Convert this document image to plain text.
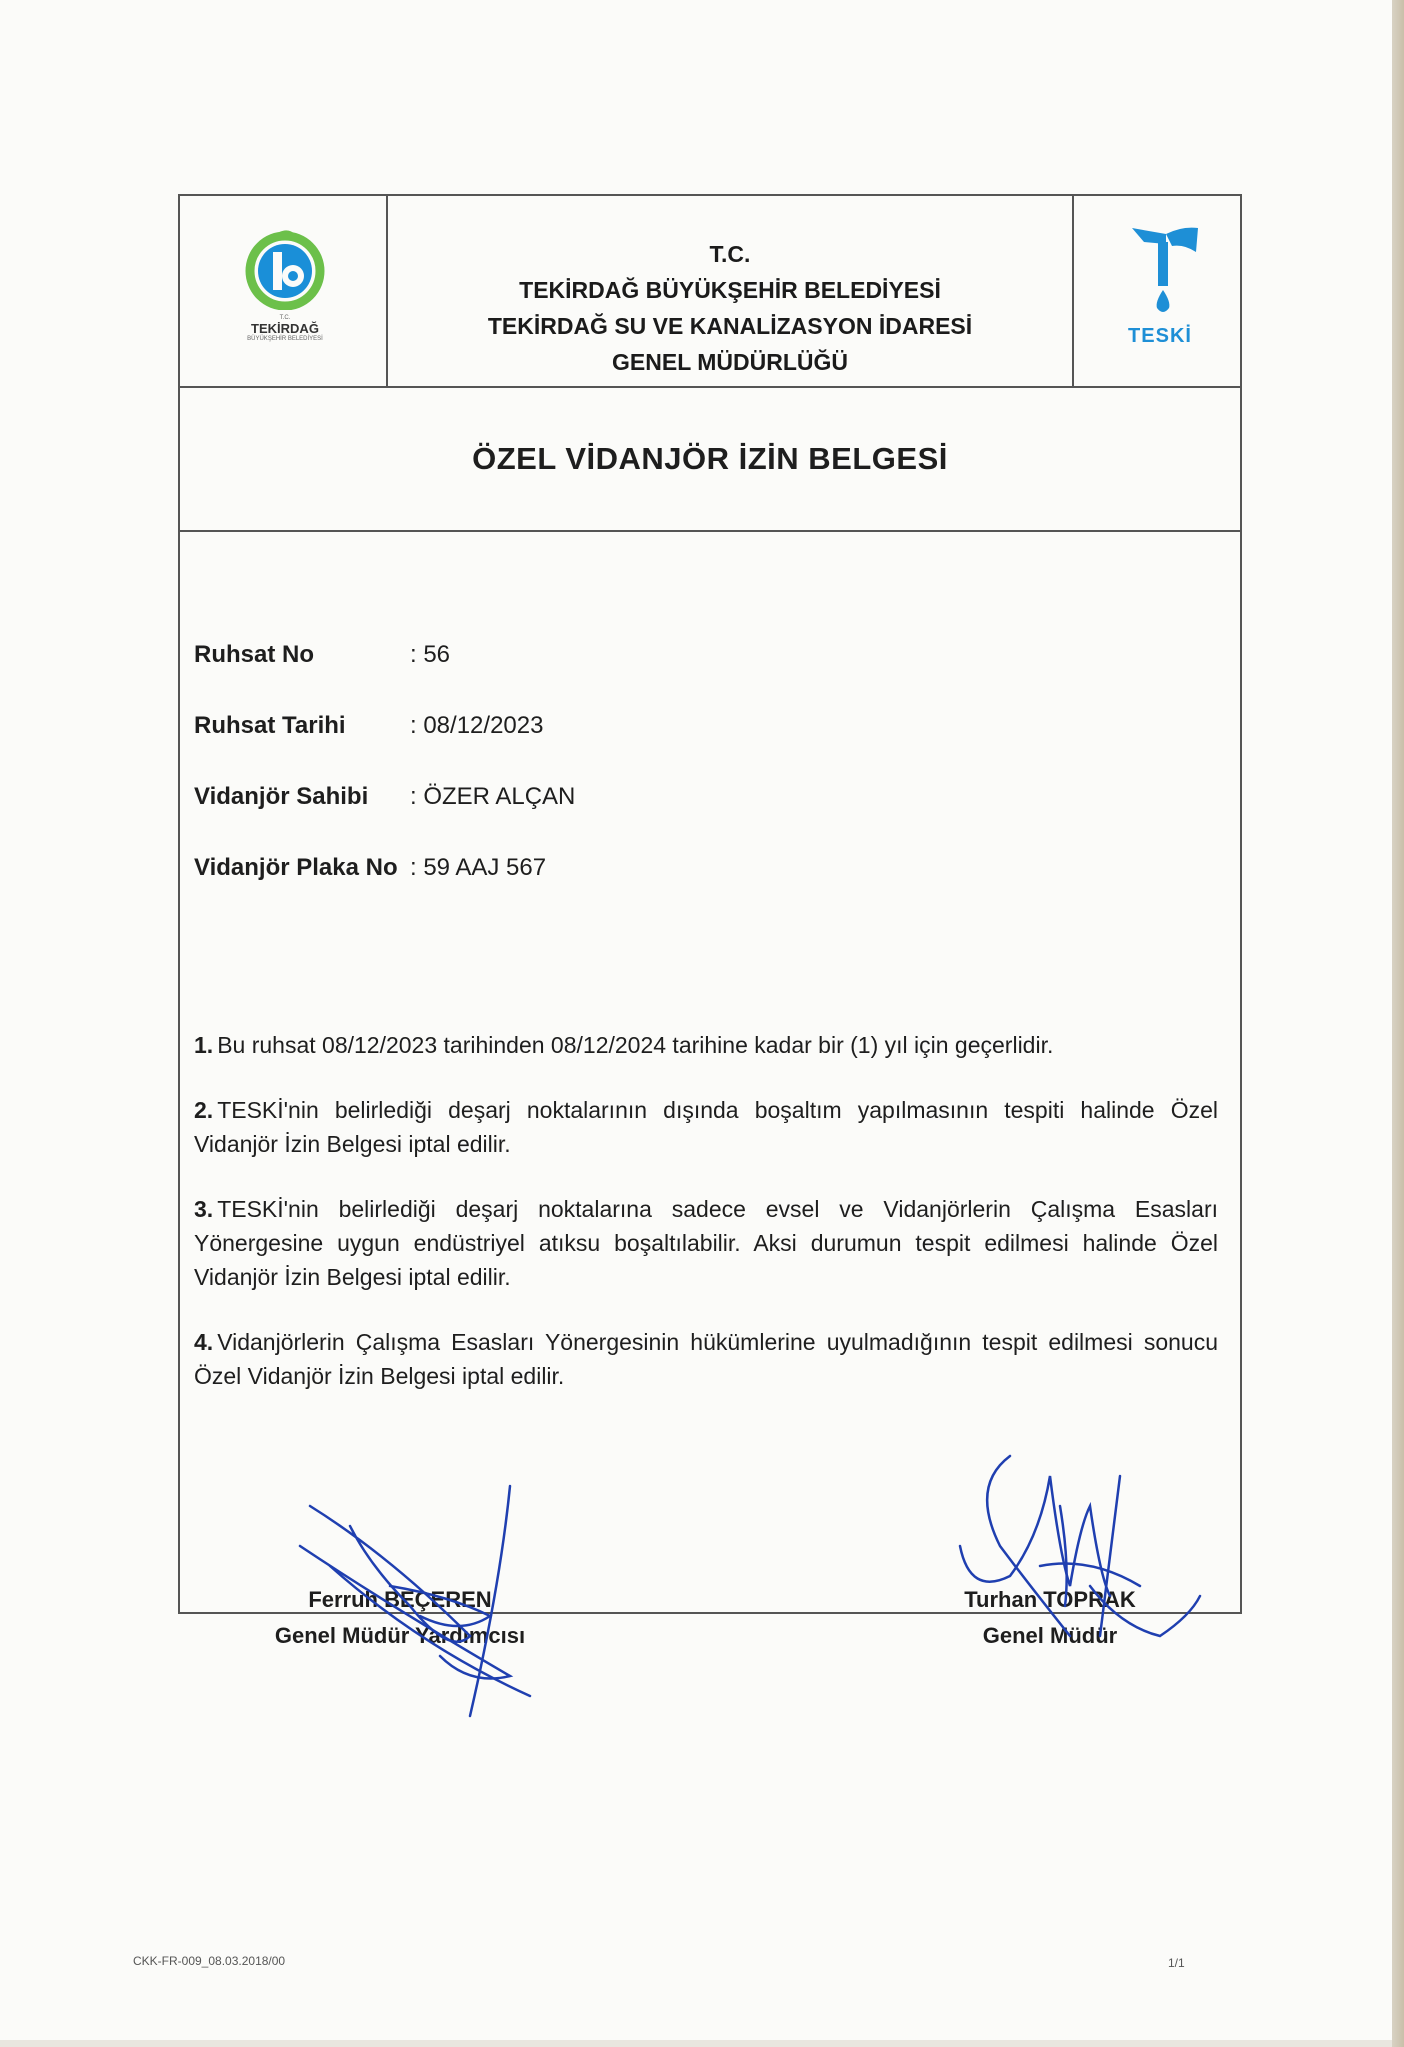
T.C.
TEKİRDAĞ
BÜYÜKŞEHİR BELEDİYESİ
T.C.
TEKİRDAĞ BÜYÜKŞEHİR BELEDİYESİ
TEKİRDAĞ SU VE KANALİZASYON İDARESİ
GENEL MÜDÜRLÜĞÜ
TESKİ
ÖZEL VİDANJÖR İZİN BELGESİ
Ruhsat No	: 56
Ruhsat Tarihi	: 08/12/2023
Vidanjör Sahibi	: ÖZER ALÇAN
Vidanjör Plaka No : 59 AAJ 567
1. Bu ruhsat 08/12/2023 tarihinden 08/12/2024 tarihine kadar bir (1) yıl için geçerlidir.
2. TESKİ'nin belirlediği deşarj noktalarının dışında boşaltım yapılmasının tespiti halinde Özel Vidanjör İzin Belgesi iptal edilir.
3. TESKİ'nin belirlediği deşarj noktalarına sadece evsel ve Vidanjörlerin Çalışma Esasları Yönergesine uygun endüstriyel atıksu boşaltılabilir. Aksi durumun tespit edilmesi halinde Özel Vidanjör İzin Belgesi iptal edilir.
4. Vidanjörlerin Çalışma Esasları Yönergesinin hükümlerine uyulmadığının tespit edilmesi sonucu Özel Vidanjör İzin Belgesi iptal edilir.
Ferruh BEÇEREN
Genel Müdür Yardımcısı
Turhan TOPRAK
Genel Müdür
CKK-FR-009_08.03.2018/00	1/1
